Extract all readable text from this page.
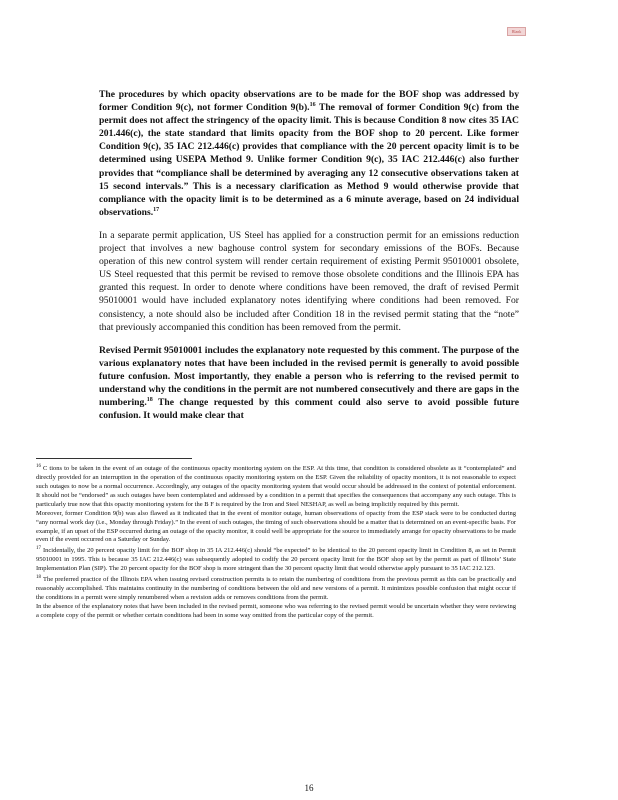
Blank

The procedures by which opacity observations are to be made for the BOF shop was addressed by former Condition 9(c), not former Condition 9(b).$^{16}$ The removal of former Condition 9(c) from the permit does not affect the stringency of the opacity limit. This is because Condition 8 now cites 35 IAC 201.446(c), the state standard that limits opacity from the BOF shop to 20 percent. Like former Condition 9(c), 35 IAC 212.446(c) provides that compliance with the 20 percent opacity limit is to be determined using USEPA Method 9. Unlike former Condition 9(c), 35 IAC 212.446(c) also further provides that “compliance shall be determined by averaging any 12 consecutive observations taken at 15 second intervals.” This is a necessary clarification as Method 9 would otherwise provide that compliance with the opacity limit is to be determined as a 6 minute average, based on 24 individual observations.$^{17}$

In a separate permit application, US Steel has applied for a construction permit for an emissions reduction project that involves a new baghouse control system for secondary emissions of the BOFs. Because operation of this new control system will render certain requirement of existing Permit 95010001 obsolete, US Steel requested that this permit be revised to remove those obsolete conditions and the Illinois EPA has granted this request. In order to denote where conditions have been removed, the draft of revised Permit 95010001 would have included explanatory notes identifying where conditions had been removed. For consistency, a note should also be included after Condition 18 in the revised permit stating that the “note” that previously accompanied this condition has been removed from the permit.

Revised Permit 95010001 includes the explanatory note requested by this comment. The purpose of the various explanatory notes that have been included in the revised permit is generally to avoid possible future confusion. Most importantly, they enable a person who is referring to the revised permit to understand why the conditions in the permit are not numbered consecutively and there are gaps in the numbering.$^{18}$ The change requested by this comment could also serve to avoid possible future confusion. It would make clear that

$^{16}$ C tions to be taken in the event of an outage of the continuous opacity monitoring system on the ESP. At this time, that condition is considered obsolete as it “contemplated” and directly provided for an interruption in the operation of the continuous opacity monitoring system on the ESP. Given the reliability of opacity monitors, it is not reasonable to expect such outages to now be a normal occurrence. Accordingly, any outages of the opacity monitoring system that would occur should be addressed in the context of potential enforcement. It should not be “endorsed” as such outages have been contemplated and addressed by a condition in a permit that specifies the consequences that accompany any such outage. This is particularly true now that this opacity monitoring system for the B F is required by the Iron and Steel NESHAP, as well as being implicitly required by this permit.

Moreover, former Condition 9(b) was also flawed as it indicated that in the event of monitor outage, human observations of opacity from the ESP stack were to be conducted during “any normal work day (i.e., Monday through Friday).” In the event of such outages, the timing of such observations should be a matter that is determined on an event-specific basis. For example, if an upset of the ESP occurred during an outage of the opacity monitor, it could well be appropriate for the source to immediately arrange for opacity observations to be made even if the event occurred on a Saturday or Sunday.

$^{17}$ Incidentally, the 20 percent opacity limit for the BOF shop in 35 IA 212.446(c) should “be expected” to be identical to the 20 percent opacity limit in Condition 8, as set in Permit 95010001 in 1995. This is because 35 IAC 212.446(c) was subsequently adopted to codify the 20 percent opacity limit for the BOF shop set by the permit as part of Illinois’ State Implementation Plan (SIP). The 20 percent opacity for the BOF shop is more stringent than the 30 percent opacity limit that would otherwise apply pursuant to 35 IAC 212.123.

$^{18}$ The preferred practice of the Illinois EPA when issuing revised construction permits is to retain the numbering of conditions from the previous permit as this can be practically and reasonably accomplished. This maintains continuity in the numbering of conditions between the old and new versions of a permit. It minimizes possible confusion that might occur if the conditions in a permit were simply renumbered when a revision adds or removes conditions from the permit.

In the absence of the explanatory notes that have been included in the revised permit, someone who was referring to the revised permit would be uncertain whether they were reviewing a complete copy of the permit or whether certain conditions had been in some way omitted from the particular copy of the permit.

16
